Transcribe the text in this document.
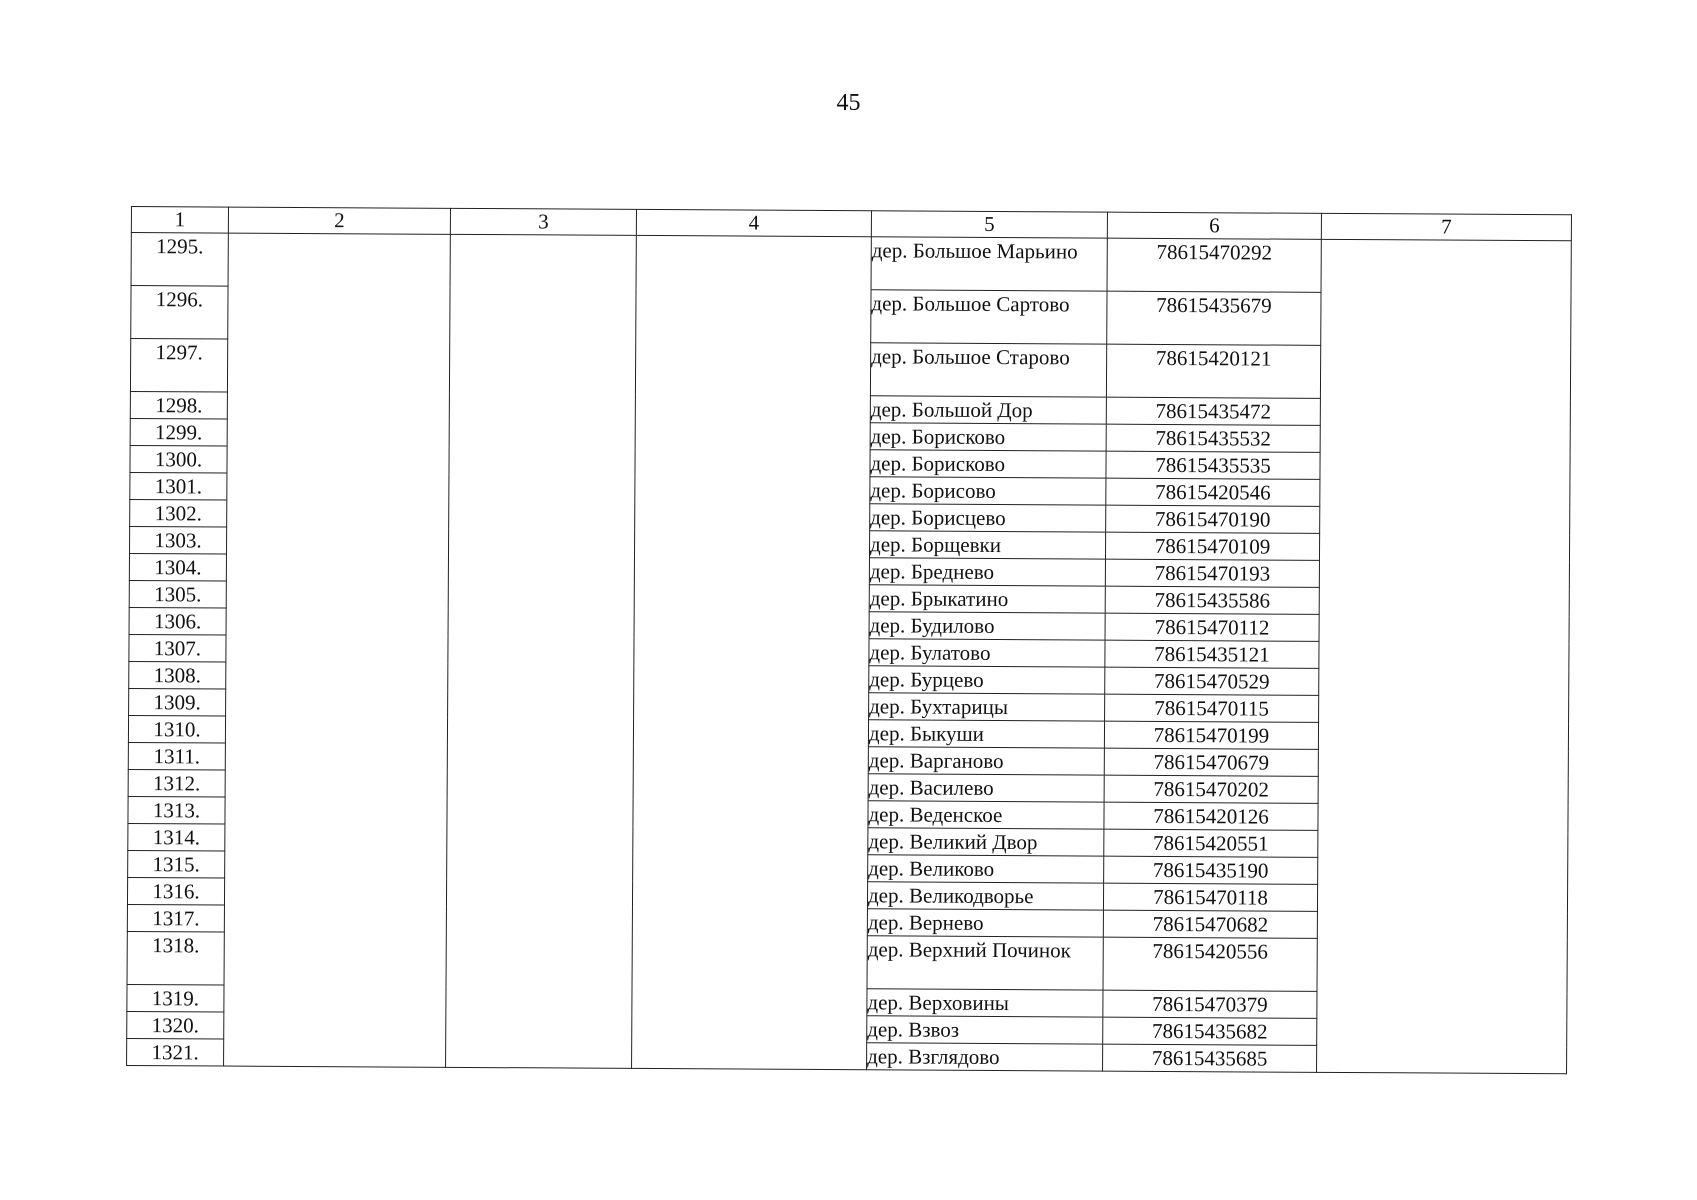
45
1	2	3	4	5	6	7
1295.				дер. Большое Марьино	78615470292	
1296.				дер. Большое Сартово	78615435679	
1297.				дер. Большое Старово	78615420121	
1298.				дер. Большой Дор	78615435472	
1299.				дер. Борисково	78615435532	
1300.				дер. Борисково	78615435535	
1301.				дер. Борисово	78615420546	
1302.				дер. Борисцево	78615470190	
1303.				дер. Борщевки	78615470109	
1304.				дер. Бреднево	78615470193	
1305.				дер. Брыкатино	78615435586	
1306.				дер. Будилово	78615470112	
1307.				дер. Булатово	78615435121	
1308.				дер. Бурцево	78615470529	
1309.				дер. Бухтарицы	78615470115	
1310.				дер. Быкуши	78615470199	
1311.				дер. Варганово	78615470679	
1312.				дер. Василево	78615470202	
1313.				дер. Веденское	78615420126	
1314.				дер. Великий Двор	78615420551	
1315.				дер. Великово	78615435190	
1316.				дер. Великодворье	78615470118	
1317.				дер. Вернево	78615470682	
1318.				дер. Верхний Починок	78615420556	
1319.				дер. Верховины	78615470379	
1320.				дер. Взвоз	78615435682	
1321.				дер. Взглядово	78615435685	
